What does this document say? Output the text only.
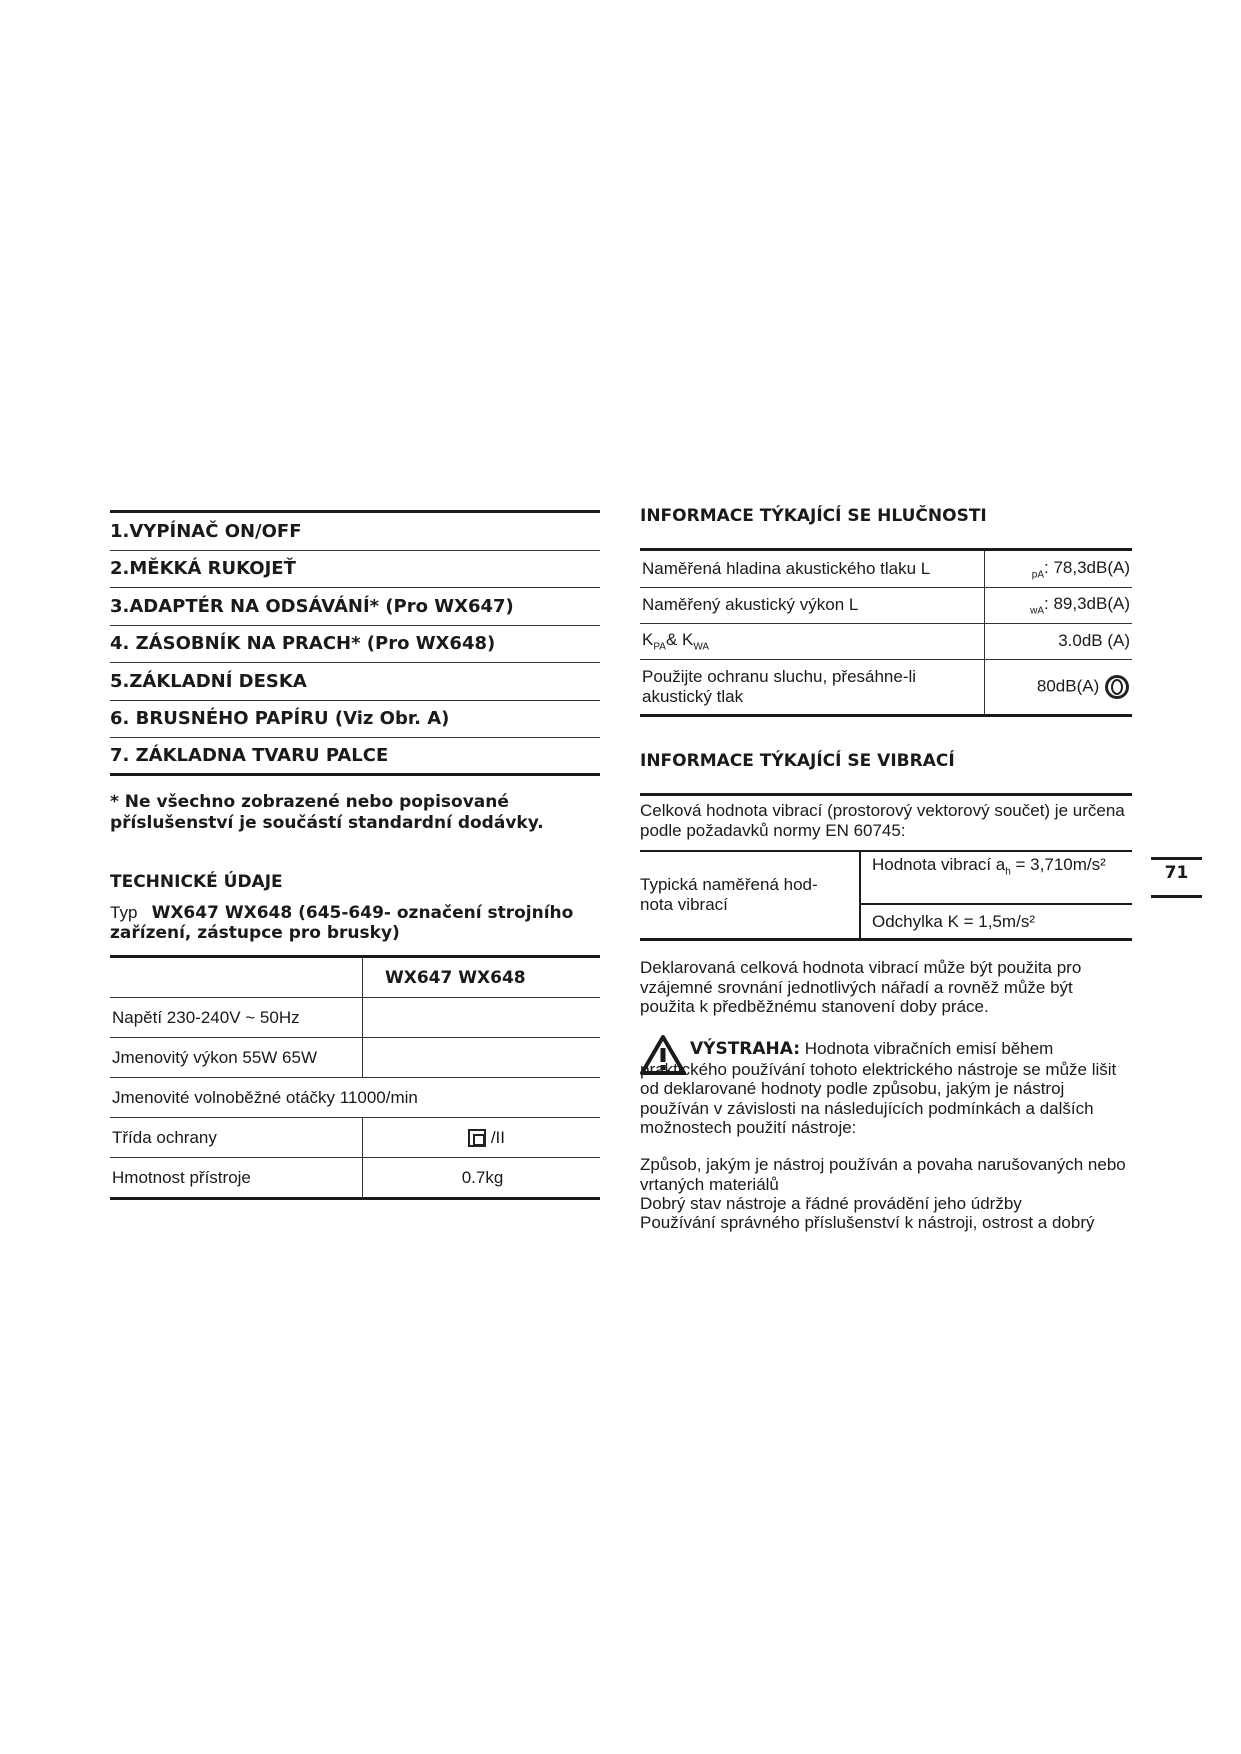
1.VYPÍNAČ ON/OFF
2.MĚKKÁ RUKOJEŤ
3.ADAPTÉR NA ODSÁVÁNÍ* (Pro WX647)
4. ZÁSOBNÍK NA PRACH* (Pro WX648)
5.ZÁKLADNÍ DESKA
6. BRUSNÉHO PAPÍRU (Viz Obr. A)
7. ZÁKLADNA TVARU PALCE
* Ne všechno zobrazené nebo popisované příslušenství je součástí standardní dodávky.
TECHNICKÉ ÚDAJE
Typ WX647 WX648 (645-649- označení strojního zařízení, zástupce pro brusky)
	WX647 WX648
Napětí 230-240V ~ 50Hz	
Jmenovitý výkon 55W 65W	
Jmenovité volnoběžné otáčky 11000/min	
Třída ochrany	/II
Hmotnost přístroje	0.7kg
INFORMACE TÝKAJÍCÍ SE HLUČNOSTI
Naměřená hladina akustického tlaku L	$_{pA}$: 78,3dB(A)
Naměřený akustický výkon L	$_{wA}$: 89,3dB(A)
$K_{PA}\&$ $K_{WA}$	3.0dB (A)
Použijte ochranu sluchu, přesáhne-li akustický tlak	80dB(A)
INFORMACE TÝKAJÍCÍ SE VIBRACÍ
Celková hodnota vibrací (prostorový vektorový součet) je určena podle požadavků normy EN 60745:
Typická naměřená hod-nota vibrací
Hodnota vibrací $a_h = 3,710m/s^2$
Odchylka K = 1,5m/s²
Deklarovaná celková hodnota vibrací může být použita pro vzájemné srovnání jednotlivých nářadí a rovněž může být použita k předběžnému stanovení doby práce.
VÝSTRAHA: Hodnota vibračních emisí během praktického používání tohoto elektrického nástroje se může lišit od deklarované hodnoty podle způsobu, jakým je nástroj používán v závislosti na následujících podmínkách a dalších možnostech použití nástroje:
Způsob, jakým je nástroj používán a povaha narušovaných nebo vrtaných materiálů
Dobrý stav nástroje a řádné provádění jeho údržby
Používání správného příslušenství k nástroji, ostrost a dobrý
71
